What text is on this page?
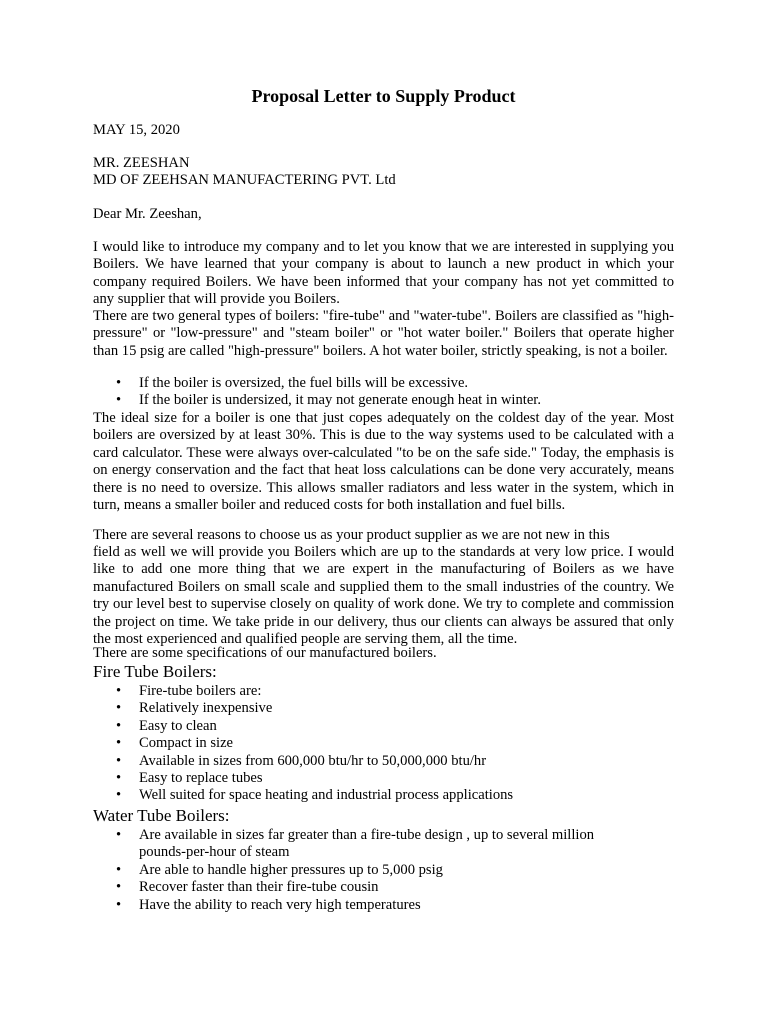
Proposal Letter to Supply Product
MAY 15, 2020
MR. ZEESHAN
MD OF ZEEHSAN MANUFACTERING PVT. Ltd
Dear Mr. Zeeshan,

I would like to introduce my company and to let you know that we are interested in supplying you Boilers. We have learned that your company is about to launch a new product in which your company required Boilers. We have been informed that your company has not yet committed to any supplier that will provide you Boilers.

There are two general types of boilers: "fire-tube" and "water-tube". Boilers are classified as "high-pressure" or "low-pressure" and "steam boiler" or "hot water boiler." Boilers that operate higher than 15 psig are called "high-pressure" boilers. A hot water boiler, strictly speaking, is not a boiler.

• If the boiler is oversized, the fuel bills will be excessive.
• If the boiler is undersized, it may not generate enough heat in winter.

The ideal size for a boiler is one that just copes adequately on the coldest day of the year. Most boilers are oversized by at least 30%. This is due to the way systems used to be calculated with a card calculator. These were always over-calculated "to be on the safe side." Today, the emphasis is on energy conservation and the fact that heat loss calculations can be done very accurately, means there is no need to oversize. This allows smaller radiators and less water in the system, which in turn, means a smaller boiler and reduced costs for both installation and fuel bills.

There are several reasons to choose us as your product supplier as we are not new in this

field as well we will provide you Boilers which are up to the standards at very low price. I would like to add one more thing that we are expert in the manufacturing of Boilers as we have manufactured Boilers on small scale and supplied them to the small industries of the country. We try our level best to supervise closely on quality of work done. We try to complete and commission the project on time. We take pride in our delivery, thus our clients can always be assured that only the most experienced and qualified people are serving them, all the time.

There are some specifications of our manufactured boilers.
Fire Tube Boilers:
• Fire-tube boilers are:
• Relatively inexpensive
• Easy to clean
• Compact in size
• Available in sizes from 600,000 btu/hr to 50,000,000 btu/hr
• Easy to replace tubes
• Well suited for space heating and industrial process applications
Water Tube Boilers:
• Are available in sizes far greater than a fire-tube design , up to several million pounds-per-hour of steam
• Are able to handle higher pressures up to 5,000 psig
• Recover faster than their fire-tube cousin
• Have the ability to reach very high temperatures
